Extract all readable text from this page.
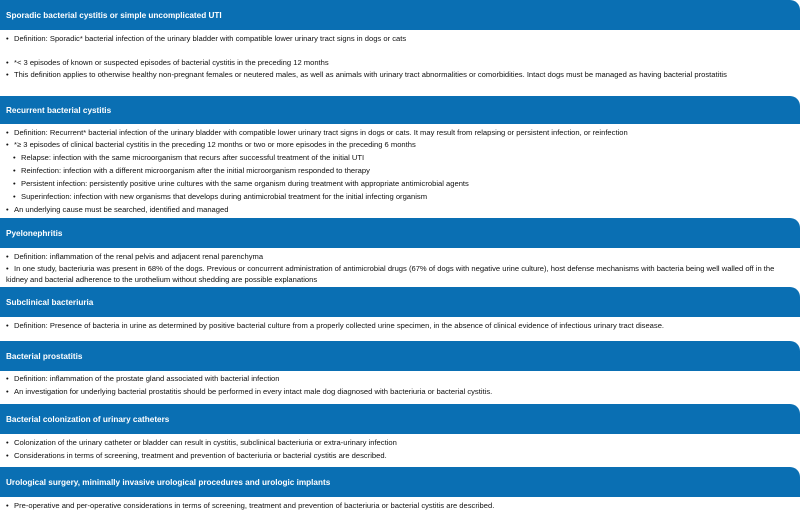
Sporadic bacterial cystitis or simple uncomplicated UTI
• Definition: Sporadic* bacterial infection of the urinary bladder with compatible lower urinary tract signs in dogs or cats
• *< 3 episodes of known or suspected episodes of bacterial cystitis in the preceding 12 months
• This definition applies to otherwise healthy non-pregnant females or neutered males, as well as animals with urinary tract abnormalities or comorbidities. Intact dogs must be managed as having bacterial prostatitis
Recurrent bacterial cystitis
• Definition: Recurrent* bacterial infection of the urinary bladder with compatible lower urinary tract signs in dogs or cats. It may result from relapsing or persistent infection, or reinfection
• *≥ 3 episodes of clinical bacterial cystitis in the preceding 12 months or two or more episodes in the preceding 6 months
• Relapse: infection with the same microorganism that recurs after successful treatment of the initial UTI
• Reinfection: infection with a different microorganism after the initial microorganism responded to therapy
• Persistent infection: persistently positive urine cultures with the same organism during treatment with appropriate antimicrobial agents
• Superinfection: infection with new organisms that develops during antimicrobial treatment for the initial infecting organism
• An underlying cause must be searched, identified and managed
Pyelonephritis
• Definition: inflammation of the renal pelvis and adjacent renal parenchyma
• In one study, bacteriuria was present in 68% of the dogs. Previous or concurrent administration of antimicrobial drugs (67% of dogs with negative urine culture), host defense mechanisms with bacteria being well walled off in the kidney and bacterial adherence to the urothelium without shedding are possible explanations
Subclinical bacteriuria
• Definition: Presence of bacteria in urine as determined by positive bacterial culture from a properly collected urine specimen, in the absence of clinical evidence of infectious urinary tract disease.
Bacterial prostatitis
• Definition: inflammation of the prostate gland associated with bacterial infection
• An investigation for underlying bacterial prostatitis should be performed in every intact male dog diagnosed with bacteriuria or bacterial cystitis.
Bacterial colonization of urinary catheters
• Colonization of the urinary catheter or bladder can result in cystitis, subclinical bacteriuria or extra-urinary infection
• Considerations in terms of screening, treatment and prevention of bacteriuria or bacterial cystitis are described.
Urological surgery, minimally invasive urological procedures and urologic implants
• Pre-operative and per-operative considerations in terms of screening, treatment and prevention of bacteriuria or bacterial cystitis are described.
